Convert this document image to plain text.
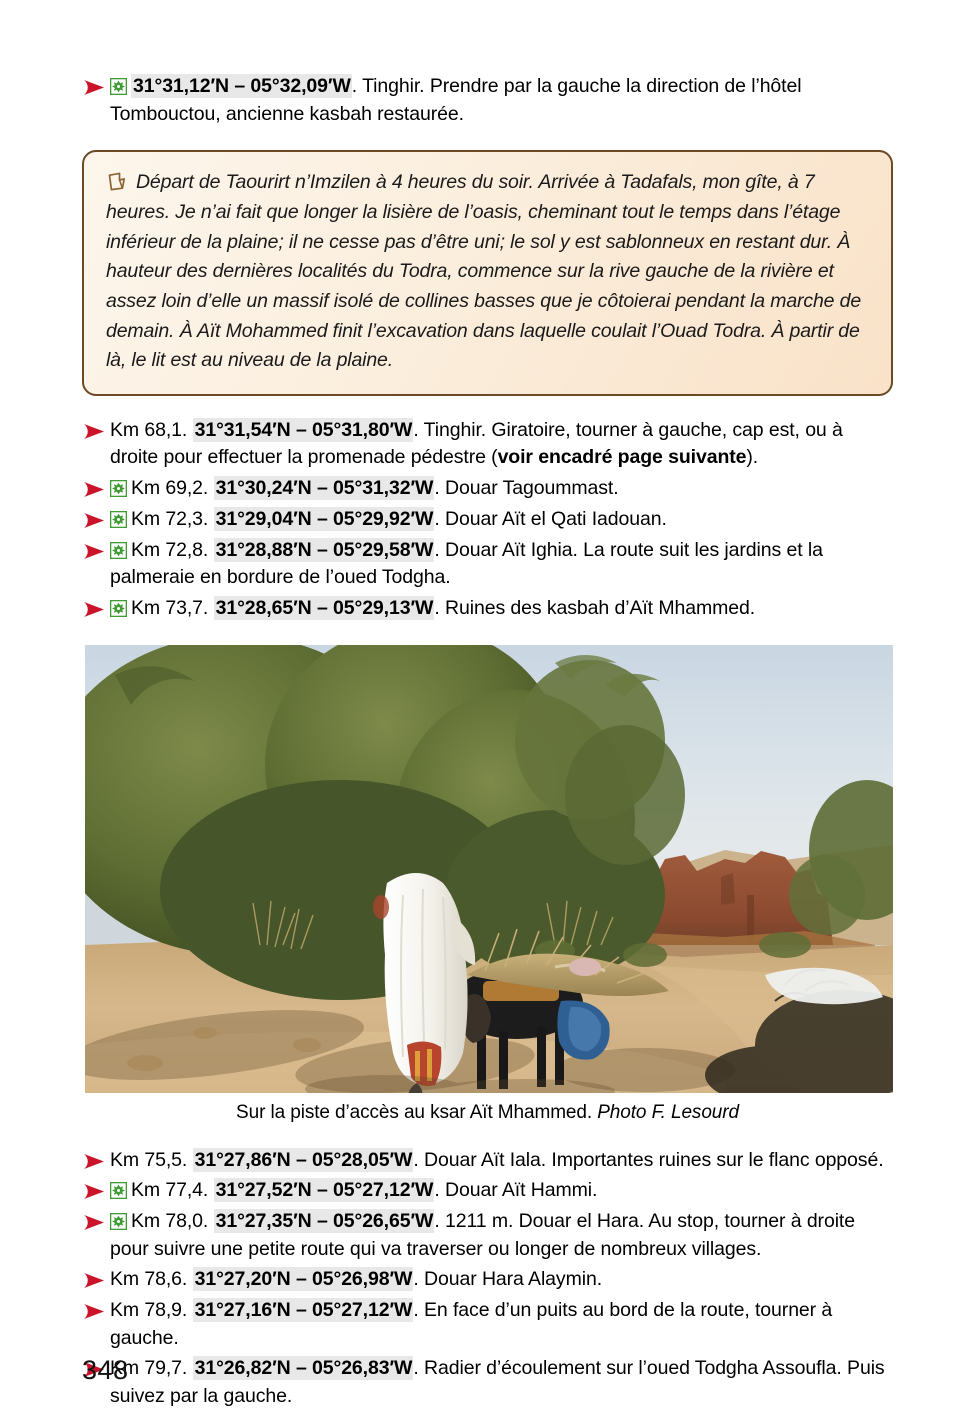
31°31,12′N – 05°32,09′W. Tinghir. Prendre par la gauche la direction de l’hôtel Tombouctou, ancienne kasbah restaurée.
Départ de Taourirt n’Imzilen à 4 heures du soir. Arrivée à Tadafals, mon gîte, à 7 heures. Je n’ai fait que longer la lisière de l’oasis, cheminant tout le temps dans l’étage inférieur de la plaine; il ne cesse pas d’être uni; le sol y est sablonneux en restant dur. À hauteur des dernières localités du Todra, commence sur la rive gauche de la rivière et assez loin d’elle un massif isolé de collines basses que je côtoierai pendant la marche de demain. À Aït Mohammed finit l’excavation dans laquelle coulait l’Ouad Todra. À partir de là, le lit est au niveau de la plaine.
Km 68,1. 31°31,54′N – 05°31,80′W. Tinghir. Giratoire, tourner à gauche, cap est, ou à droite pour effectuer la promenade pédestre (voir encadré page suivante).
Km 69,2. 31°30,24′N – 05°31,32′W. Douar Tagoummast.
Km 72,3. 31°29,04′N – 05°29,92′W. Douar Aït el Qati Iadouan.
Km 72,8. 31°28,88′N – 05°29,58′W. Douar Aït Ighia. La route suit les jardins et la palmeraie en bordure de l’oued Todgha.
Km 73,7. 31°28,65′N – 05°29,13′W. Ruines des kasbah d’Aït Mhammed.
Sur la piste d’accès au ksar Aït Mhammed. Photo F. Lesourd
Km 75,5. 31°27,86′N – 05°28,05′W. Douar Aït Iala. Importantes ruines sur le flanc opposé.
Km 77,4. 31°27,52′N – 05°27,12′W. Douar Aït Hammi.
Km 78,0. 31°27,35′N – 05°26,65′W. 1211 m. Douar el Hara. Au stop, tourner à droite pour suivre une petite route qui va traverser ou longer de nombreux villages.
Km 78,6. 31°27,20′N – 05°26,98′W. Douar Hara Alaymin.
Km 78,9. 31°27,16′N – 05°27,12′W. En face d’un puits au bord de la route, tourner à gauche.
Km 79,7. 31°26,82′N – 05°26,83′W. Radier d’écoulement sur l’oued Todgha Assoufla. Puis suivez par la gauche.
348
